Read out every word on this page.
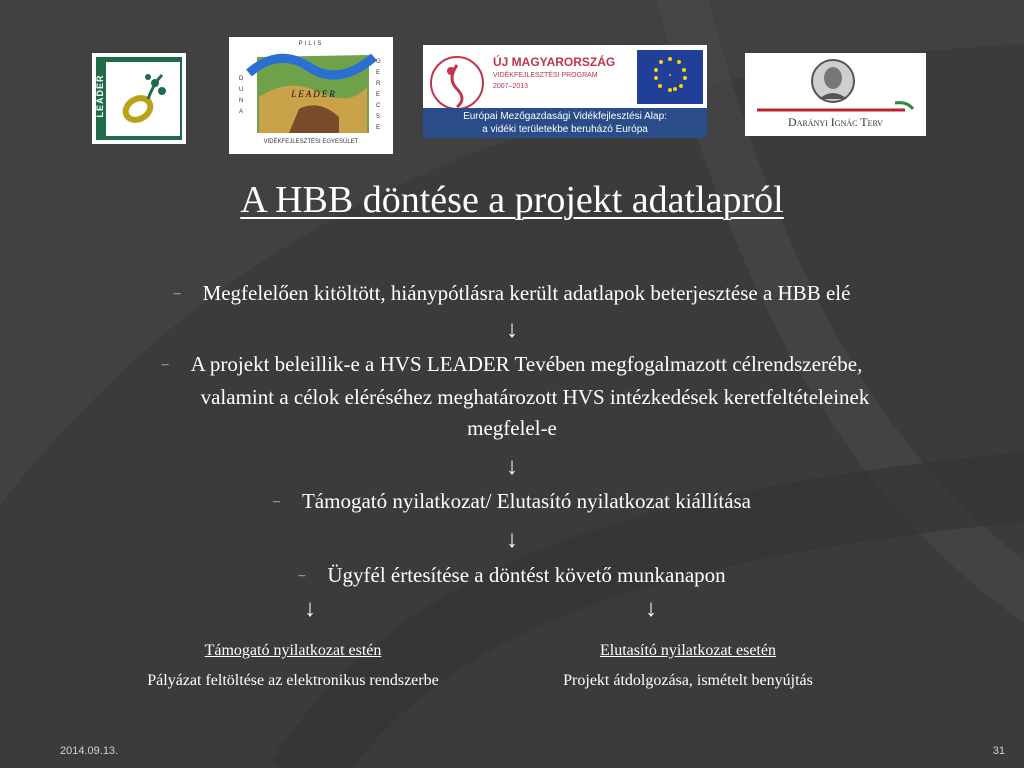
LEADER
PILIS
DUNA
GERECSE
LEADER
VIDÉKFEJLESZTÉSI EGYESÜLET
ÚJ MAGYARORSZÁG
VIDÉKFEJLESZTÉSI PROGRAM
2007–2013
Európai Mezőgazdasági Vidékfejlesztési Alap:
a vidéki területekbe beruházó Európa
Darányi Ignác Terv
A HBB döntése a projekt adatlapról
– Megfelelően kitöltött, hiánypótlásra került adatlapok beterjesztése a HBB elé
↓
– A projekt beleillik-e a HVS LEADER Tevében megfogalmazott célrendszerébe,
valamint a célok eléréséhez meghatározott HVS intézkedések keretfeltételeinek
megfelel-e
↓
– Támogató nyilatkozat/ Elutasító nyilatkozat kiállítása
↓
– Ügyfél értesítése a döntést követő munkanapon
↓	↓
Támogató nyilatkozat estén
Pályázat feltöltése az elektronikus rendszerbe
Elutasító nyilatkozat esetén
Projekt átdolgozása, ismételt benyújtás
2014.09.13.	31
